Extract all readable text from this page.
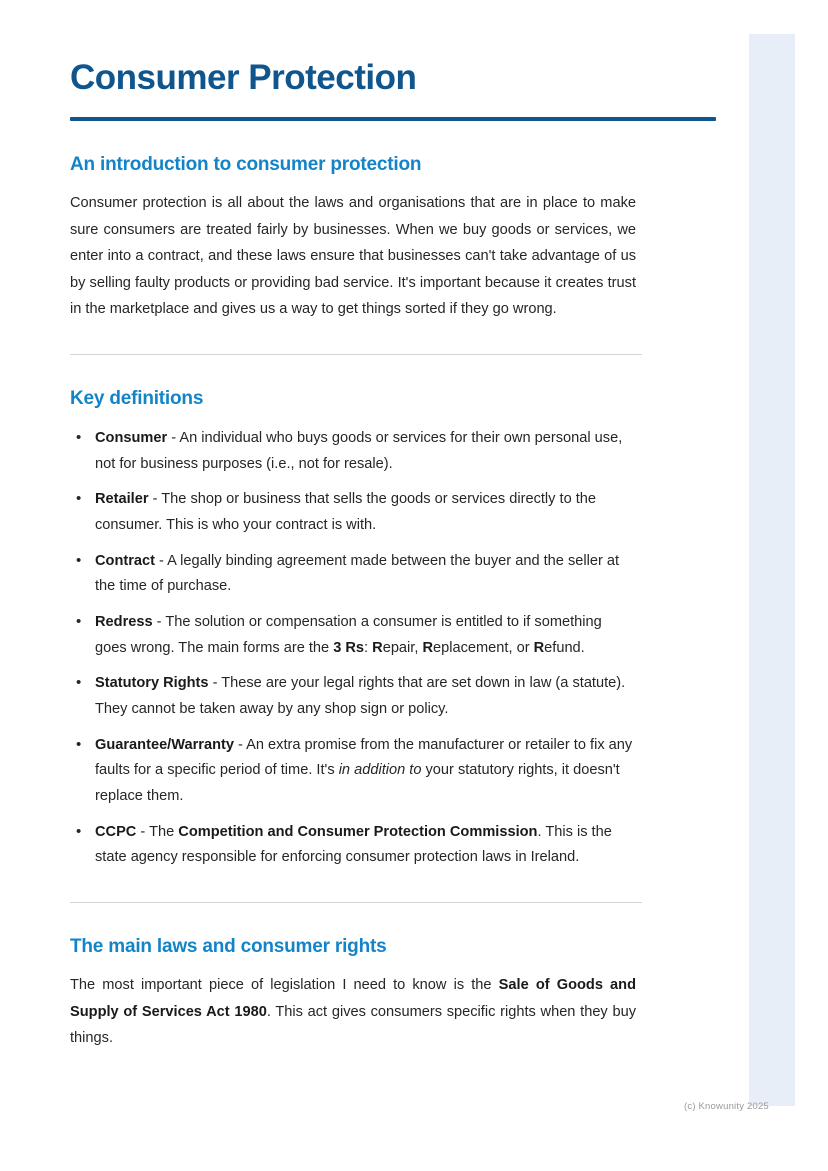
Consumer Protection
An introduction to consumer protection

Consumer protection is all about the laws and organisations that are in place to make sure consumers are treated fairly by businesses. When we buy goods or services, we enter into a contract, and these laws ensure that businesses can't take advantage of us by selling faulty products or providing bad service. It's important because it creates trust in the marketplace and gives us a way to get things sorted if they go wrong.

Key definitions
• Consumer - An individual who buys goods or services for their own personal use, not for business purposes (i.e., not for resale).
• Retailer - The shop or business that sells the goods or services directly to the consumer. This is who your contract is with.
• Contract - A legally binding agreement made between the buyer and the seller at the time of purchase.
• Redress - The solution or compensation a consumer is entitled to if something goes wrong. The main forms are the 3 Rs: Repair, Replacement, or Refund.
• Statutory Rights - These are your legal rights that are set down in law (a statute). They cannot be taken away by any shop sign or policy.
• Guarantee/Warranty - An extra promise from the manufacturer or retailer to fix any faults for a specific period of time. It's in addition to your statutory rights, it doesn't replace them.
• CCPC - The Competition and Consumer Protection Commission. This is the state agency responsible for enforcing consumer protection laws in Ireland.
The main laws and consumer rights

The most important piece of legislation I need to know is the Sale of Goods and Supply of Services Act 1980. This act gives consumers specific rights when they buy things.

(c) Knowunity 2025
